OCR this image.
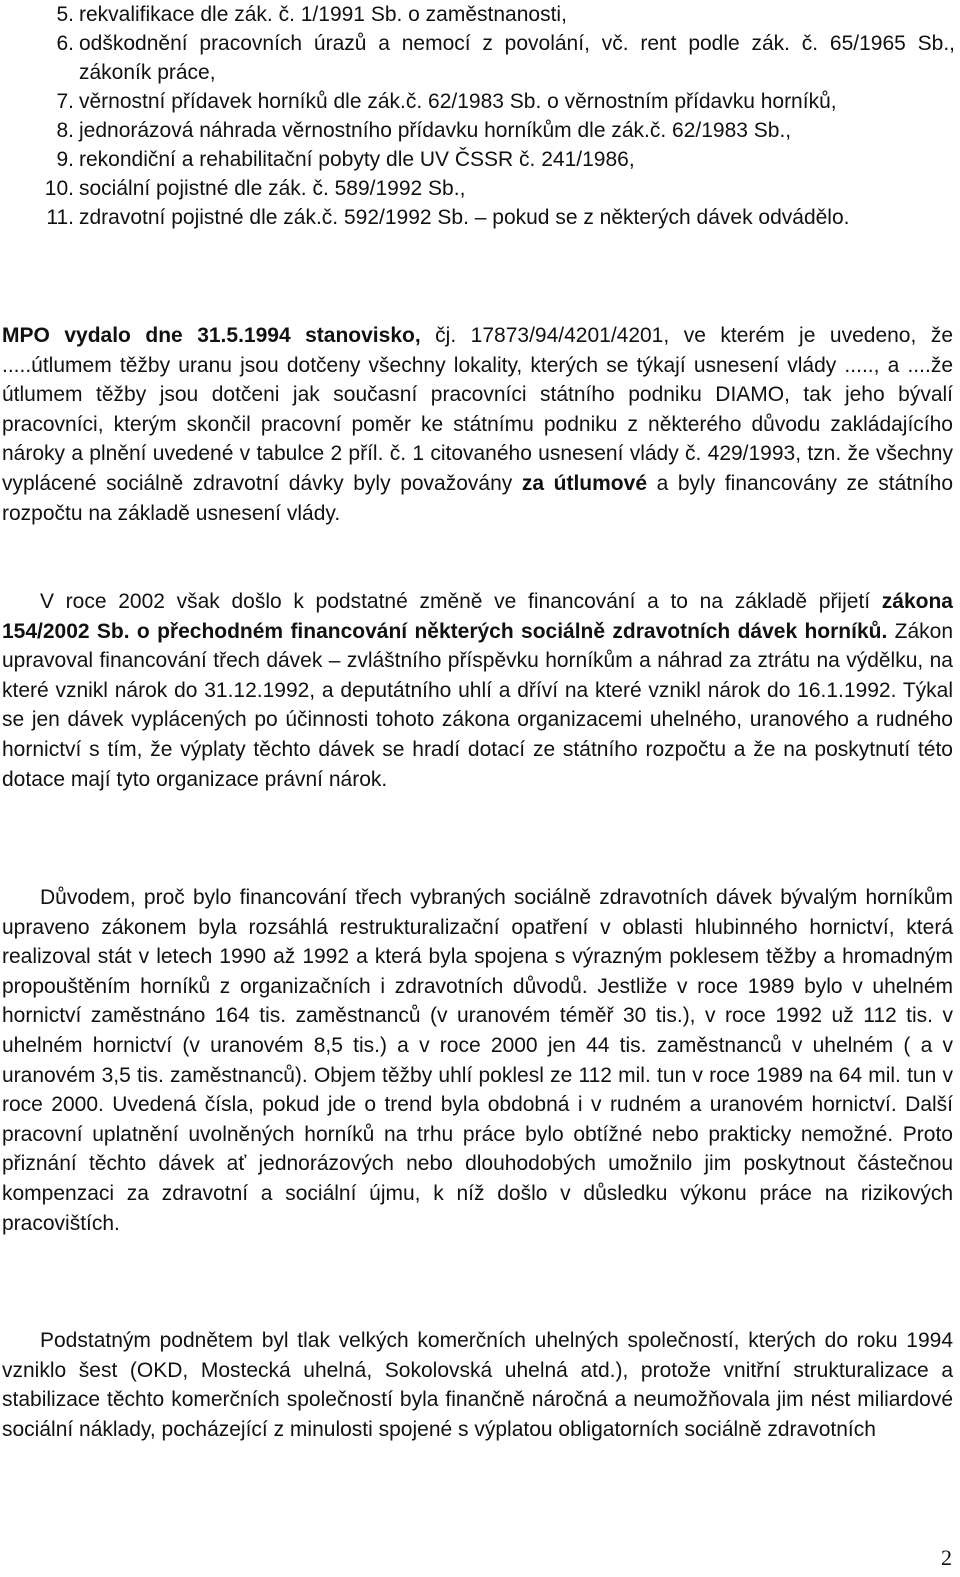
5. rekvalifikace dle zák. č. 1/1991 Sb. o zaměstnanosti,
6. odškodnění pracovních úrazů a nemocí z povolání, vč. rent podle zák. č. 65/1965 Sb., zákoník práce,
7. věrnostní přídavek horníků dle zák.č. 62/1983 Sb. o věrnostním přídavku horníků,
8. jednorázová náhrada věrnostního přídavku horníkům dle zák.č. 62/1983 Sb.,
9. rekondiční a rehabilitační pobyty dle UV ČSSR č. 241/1986,
10. sociální pojistné dle zák. č. 589/1992 Sb.,
11. zdravotní pojistné dle zák.č. 592/1992 Sb. – pokud se z některých dávek odvádělo.

MPO vydalo dne 31.5.1994 stanovisko, čj. 17873/94/4201/4201, ve kterém je uvedeno, že .....útlumem těžby uranu jsou dotčeny všechny lokality, kterých se týkají usnesení vlády ....., a ....že útlumem těžby jsou dotčeni jak současní pracovníci státního podniku DIAMO, tak jeho bývalí pracovníci, kterým skončil pracovní poměr ke státnímu podniku z některého důvodu zakládajícího nároky a plnění uvedené v tabulce 2 příl. č. 1 citovaného usnesení vlády č. 429/1993, tzn. že všechny vyplácené sociálně zdravotní dávky byly považovány za útlumové a byly financovány ze státního rozpočtu na základě usnesení vlády.

V roce 2002 však došlo k podstatné změně ve financování a to na základě přijetí zákona 154/2002 Sb. o přechodném financování některých sociálně zdravotních dávek horníků. Zákon upravoval financování třech dávek – zvláštního příspěvku horníkům a náhrad za ztrátu na výdělku, na které vznikl nárok do 31.12.1992, a deputátního uhlí a dříví na které vznikl nárok do 16.1.1992. Týkal se jen dávek vyplácených po účinnosti tohoto zákona organizacemi uhelného, uranového a rudného hornictví s tím, že výplaty těchto dávek se hradí dotací ze státního rozpočtu a že na poskytnutí této dotace mají tyto organizace právní nárok.

Důvodem, proč bylo financování třech vybraných sociálně zdravotních dávek bývalým horníkům upraveno zákonem byla rozsáhlá restrukturalizační opatření v oblasti hlubinného hornictví, která realizoval stát v letech 1990 až 1992 a která byla spojena s výrazným poklesem těžby a hromadným propouštěním horníků z organizačních i zdravotních důvodů. Jestliže v roce 1989 bylo v uhelném hornictví zaměstnáno 164 tis. zaměstnanců (v uranovém téměř 30 tis.), v roce 1992 už 112 tis. v uhelném hornictví (v uranovém 8,5 tis.) a v roce 2000 jen 44 tis. zaměstnanců v uhelném ( a v uranovém 3,5 tis. zaměstnanců). Objem těžby uhlí poklesl ze 112 mil. tun v roce 1989 na 64 mil. tun v roce 2000. Uvedená čísla, pokud jde o trend byla obdobná i v rudném a uranovém hornictví. Další pracovní uplatnění uvolněných horníků na trhu práce bylo obtížné nebo prakticky nemožné. Proto přiznání těchto dávek ať jednorázových nebo dlouhodobých umožnilo jim poskytnout částečnou kompenzaci za zdravotní a sociální újmu, k níž došlo v důsledku výkonu práce na rizikových pracovištích.

Podstatným podnětem byl tlak velkých komerčních uhelných společností, kterých do roku 1994 vzniklo šest (OKD, Mostecká uhelná, Sokolovská uhelná atd.), protože vnitřní strukturalizace a stabilizace těchto komerčních společností byla finančně náročná a neumožňovala jim nést miliardové sociální náklady, pocházející z minulosti spojené s výplatou obligatorních sociálně zdravotních

2
